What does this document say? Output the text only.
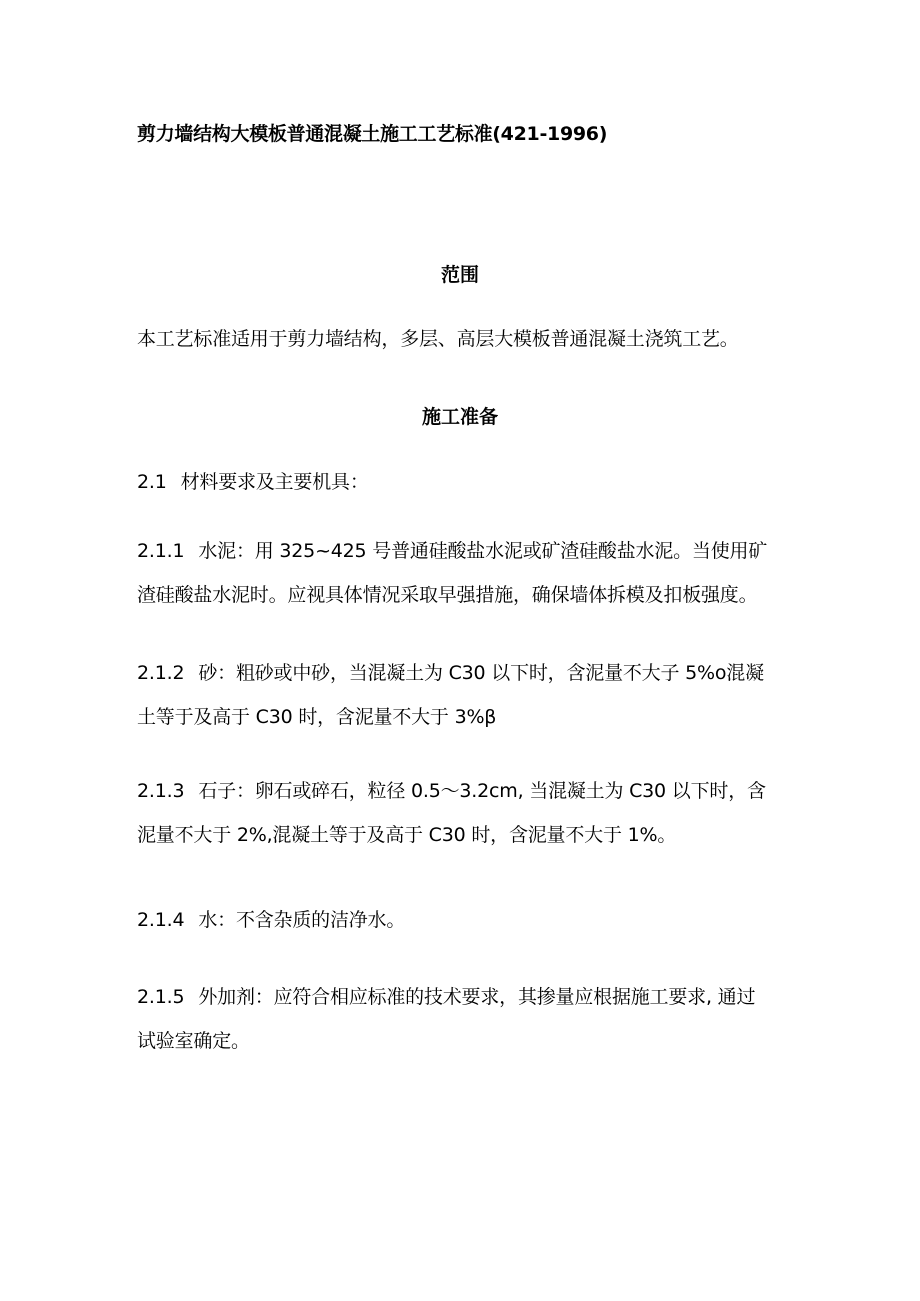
剪力墙结构大模板普通混凝土施工工艺标准(421-1996)
范围
本工艺标准适用于剪力墙结构，多层、高层大模板普通混凝土浇筑工艺。
施工准备
2.1 材料要求及主要机具：
2.1.1 水泥：用 325~425 号普通硅酸盐水泥或矿渣硅酸盐水泥。当使用矿
渣硅酸盐水泥时。应视具体情况采取早强措施，确保墙体拆模及扣板强度。
2.1.2 砂：粗砂或中砂，当混凝土为 C30 以下时，含泥量不大子 5%o混凝
土等于及高于 C30 时，含泥量不大于 3%β
2.1.3 石子：卵石或碎石，粒径 0.5～3.2cm, 当混凝土为 C30 以下时，含
泥量不大于 2%,混凝土等于及高于 C30 时，含泥量不大于 1%。
2.1.4 水：不含杂质的洁净水。
2.1.5 外加剂：应符合相应标准的技术要求，其掺量应根据施工要求, 通过
试验室确定。
